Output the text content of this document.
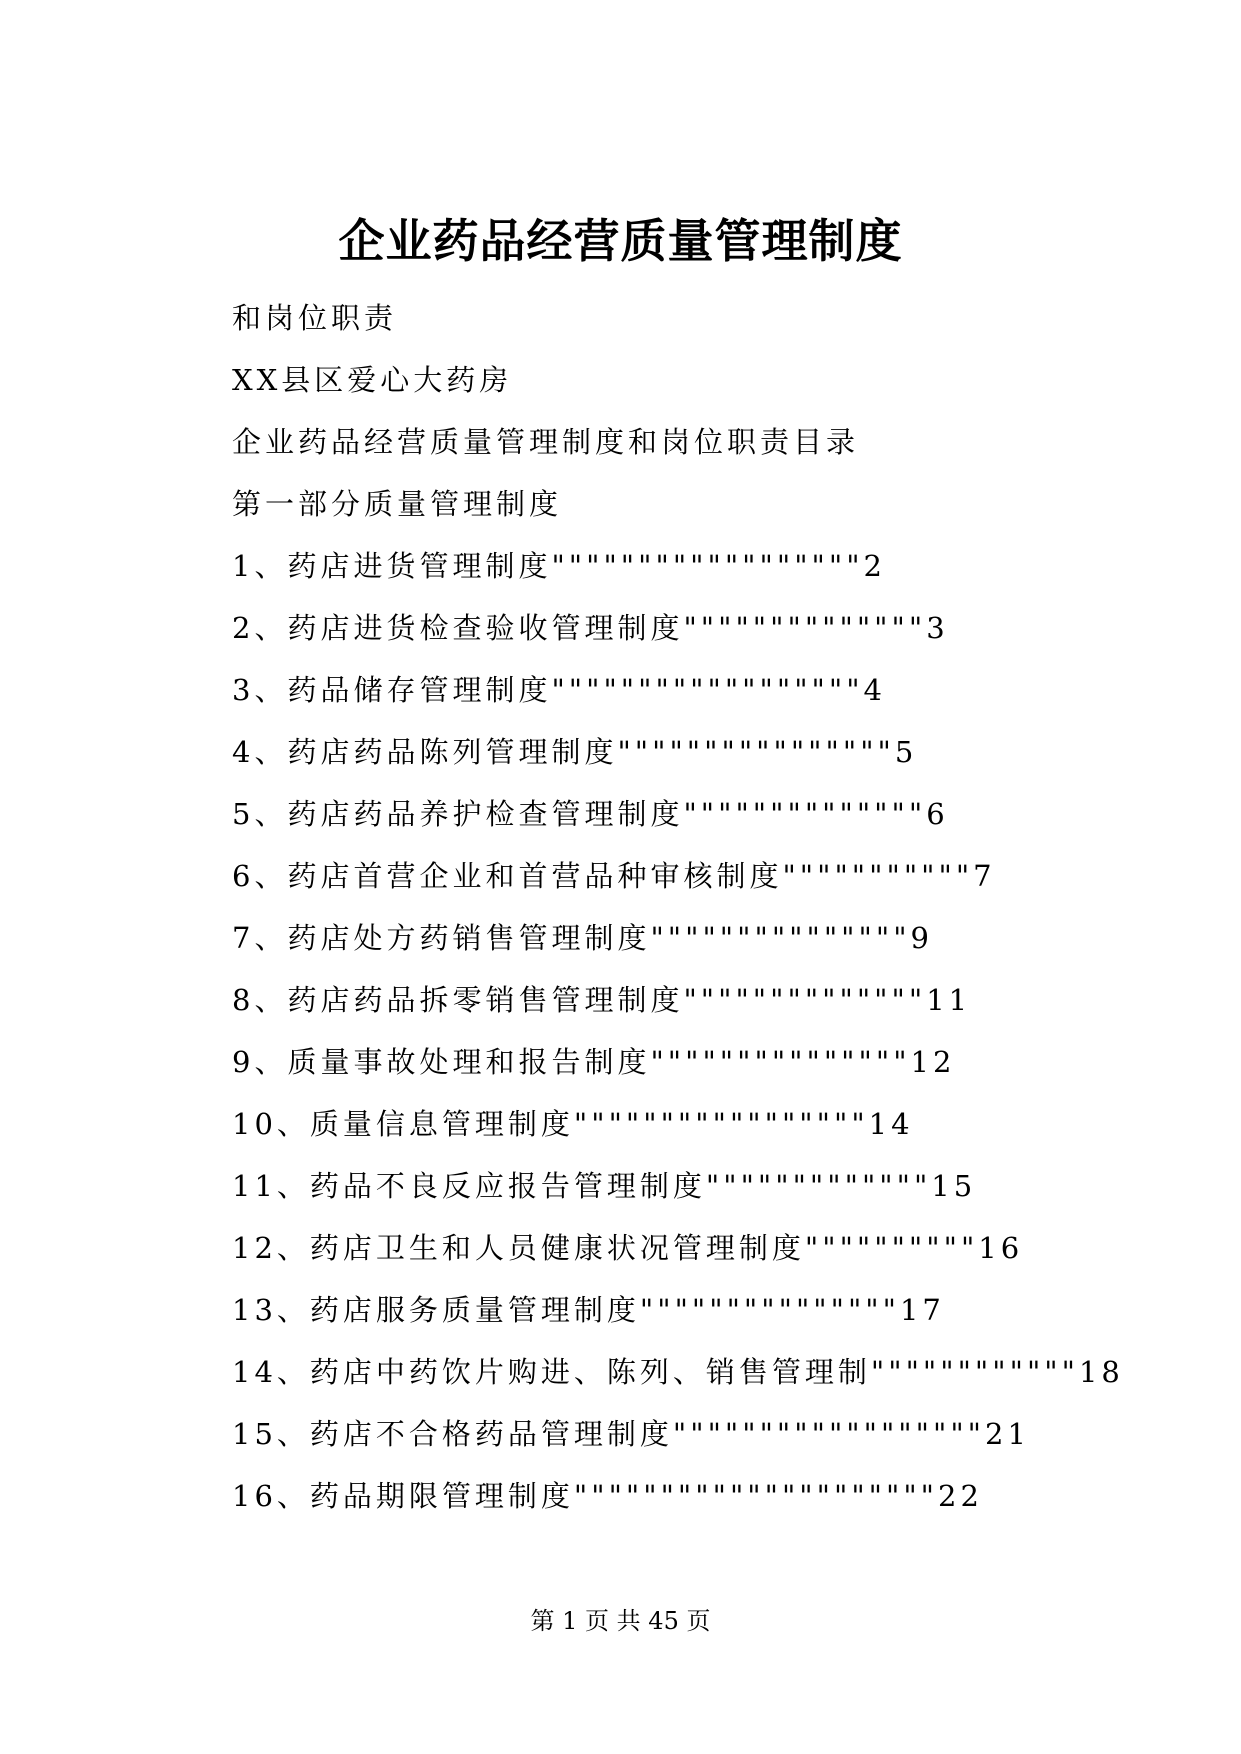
企业药品经营质量管理制度
和岗位职责
XX县区爱心大药房
企业药品经营质量管理制度和岗位职责目录
第一部分质量管理制度
1、药店进货管理制度""""""""""""""""""2
2、药店进货检查验收管理制度""""""""""""""3
3、药品储存管理制度""""""""""""""""""4
4、药店药品陈列管理制度""""""""""""""""5
5、药店药品养护检查管理制度""""""""""""""6
6、药店首营企业和首营品种审核制度"""""""""""7
7、药店处方药销售管理制度"""""""""""""""9
8、药店药品拆零销售管理制度""""""""""""""11
9、质量事故处理和报告制度"""""""""""""""12
10、质量信息管理制度"""""""""""""""""14
11、药品不良反应报告管理制度"""""""""""""15
12、药店卫生和人员健康状况管理制度""""""""""16
13、药店服务质量管理制度"""""""""""""""17
14、药店中药饮片购进、陈列、销售管理制""""""""""""18
15、药店不合格药品管理制度""""""""""""""""""21
16、药品期限管理制度"""""""""""""""""""""22
第 1 页 共 45 页
